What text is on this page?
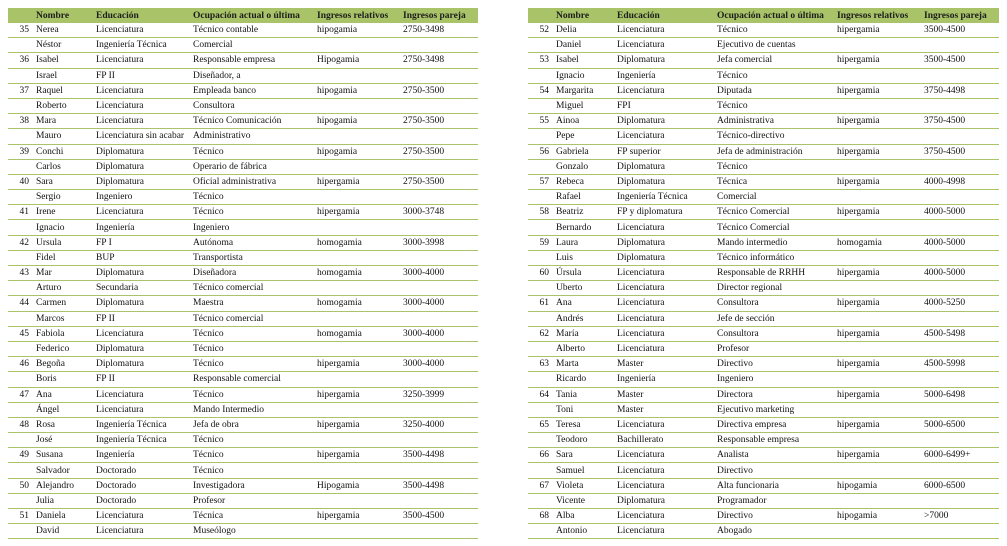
	Nombre	Educación	Ocupación actual o última	Ingresos relativos	Ingresos pareja
35	Nerea	Licenciatura	Técnico contable	hipogamia	2750-3498
	Néstor	Ingeniería Técnica	Comercial		
36	Isabel	Licenciatura	Responsable empresa	Hipogamia	2750-3498
	Israel	FP II	Diseñador, a		
37	Raquel	Licenciatura	Empleada banco	hipogamia	2750-3500
	Roberto	Licenciatura	Consultora		
38	Mara	Licenciatura	Técnico Comunicación	hipogamia	2750-3500
	Mauro	Licenciatura sin acabar	Administrativo		
39	Conchi	Diplomatura	Técnico	hipogamia	2750-3500
	Carlos	Diplomatura	Operario de fábrica		
40	Sara	Diplomatura	Oficial administrativa	hipergamia	2750-3500
	Sergio	Ingeniero	Técnico		
41	Irene	Licenciatura	Técnico	hipergamia	3000-3748
	Ignacio	Ingeniería	Ingeniero		
42	Ursula	FP I	Autónoma	homogamia	3000-3998
	Fidel	BUP	Transportista		
43	Mar	Diplomatura	Diseñadora	homogamia	3000-4000
	Arturo	Secundaria	Técnico comercial		
44	Carmen	Diplomatura	Maestra	homogamia	3000-4000
	Marcos	FP II	Técnico comercial		
45	Fabiola	Licenciatura	Técnico	homogamia	3000-4000
	Federico	Diplomatura	Técnico		
46	Begoña	Diplomatura	Técnico	hipergamia	3000-4000
	Boris	FP II	Responsable comercial		
47	Ana	Licenciatura	Técnico	hipergamia	3250-3999
	Ángel	Licenciatura	Mando Intermedio		
48	Rosa	Ingeniería Técnica	Jefa de obra	hipergamia	3250-4000
	José	Ingeniería Técnica	Técnico		
49	Susana	Ingeniería	Técnico	hipergamia	3500-4498
	Salvador	Doctorado	Técnico		
50	Alejandro	Doctorado	Investigadora	Hipogamia	3500-4498
	Julia	Doctorado	Profesor		
51	Daniela	Licenciatura	Técnica	hipergamia	3500-4500
	David	Licenciatura	Museólogo		
	Nombre	Educación	Ocupación actual o última	Ingresos relativos	Ingresos pareja
52	Delia	Licenciatura	Técnico	hipergamia	3500-4500
	Daniel	Licenciatura	Ejecutivo de cuentas		
53	Isabel	Diplomatura	Jefa comercial	hipergamia	3500-4500
	Ignacio	Ingeniería	Técnico		
54	Margarita	Licenciatura	Diputada	hipergamia	3750-4498
	Miguel	FPI	Técnico		
55	Ainoa	Diplomatura	Administrativa	hipergamia	3750-4500
	Pepe	Licenciatura	Técnico-directivo		
56	Gabriela	FP superior	Jefa de administración	hipergamia	3750-4500
	Gonzalo	Diplomatura	Técnico		
57	Rebeca	Diplomatura	Técnica	hipergamia	4000-4998
	Rafael	Ingeniería Técnica	Comercial		
58	Beatriz	FP y diplomatura	Técnico Comercial	hipergamia	4000-5000
	Bernardo	Licenciatura	Técnico Comercial		
59	Laura	Diplomatura	Mando intermedio	homogamia	4000-5000
	Luis	Diplomatura	Técnico informático		
60	Úrsula	Licenciatura	Responsable de RRHH	hipergamia	4000-5000
	Uberto	Licenciatura	Director regional		
61	Ana	Licenciatura	Consultora	hipergamia	4000-5250
	Andrés	Licenciatura	Jefe de sección		
62	María	Licenciatura	Consultora	hipergamia	4500-5498
	Alberto	Licenciatura	Profesor		
63	Marta	Master	Directivo	hipergamia	4500-5998
	Ricardo	Ingeniería	Ingeniero		
64	Tania	Master	Directora	hipergamia	5000-6498
	Toni	Master	Ejecutivo marketing		
65	Teresa	Licenciatura	Directiva empresa	hipergamia	5000-6500
	Teodoro	Bachillerato	Responsable empresa		
66	Sara	Licenciatura	Analista	hipergamia	6000-6499+
	Samuel	Licenciatura	Directivo		
67	Violeta	Licenciatura	Alta funcionaria	hipogamia	6000-6500
	Vicente	Diplomatura	Programador		
68	Alba	Licenciatura	Directivo	hipogamia	>7000
	Antonio	Licenciatura	Abogado		
